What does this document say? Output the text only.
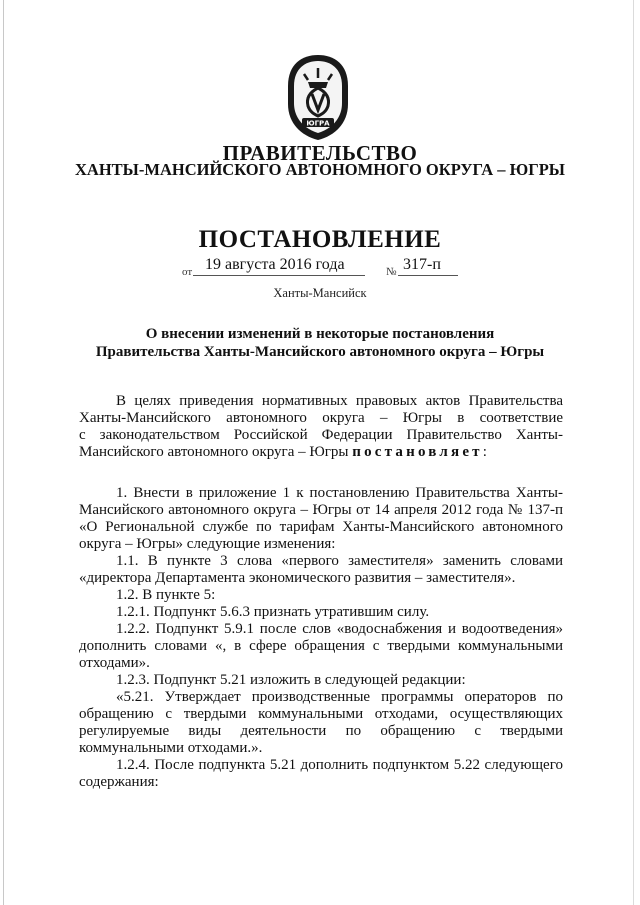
ЮГРА
ПРАВИТЕЛЬСТВО
ХАНТЫ-МАНСИЙСКОГО АВТОНОМНОГО ОКРУГА – ЮГРЫ
ПОСТАНОВЛЕНИЕ
от 19 августа 2016 года	№ 317-п
Ханты-Мансийск
О внесении изменений в некоторые постановления
Правительства Ханты-Мансийского автономного округа – Югры

В целях приведения нормативных правовых актов Правительства

Ханты-Мансийского автономного округа – Югры в соответствие

с законодательством Российской Федерации Правительство Ханты-

Мансийского автономного округа – Югры постановляет:

1. Внести в приложение 1 к постановлению Правительства Ханты-

Мансийского автономного округа – Югры от 14 апреля 2012 года № 137-п

«О Региональной службе по тарифам Ханты-Мансийского автономного

округа – Югры» следующие изменения:

1.1. В пункте 3 слова «первого заместителя» заменить словами

«директора Департамента экономического развития – заместителя».

1.2. В пункте 5:

1.2.1. Подпункт 5.6.3 признать утратившим силу.

1.2.2. Подпункт 5.9.1 после слов «водоснабжения и водоотведения»

дополнить словами «, в сфере обращения с твердыми коммунальными

отходами».

1.2.3. Подпункт 5.21 изложить в следующей редакции:

«5.21. Утверждает производственные программы операторов по

обращению с твердыми коммунальными отходами, осуществляющих

регулируемые виды деятельности по обращению с твердыми

коммунальными отходами.».

1.2.4. После подпункта 5.21 дополнить подпунктом 5.22 следующего

содержания:
